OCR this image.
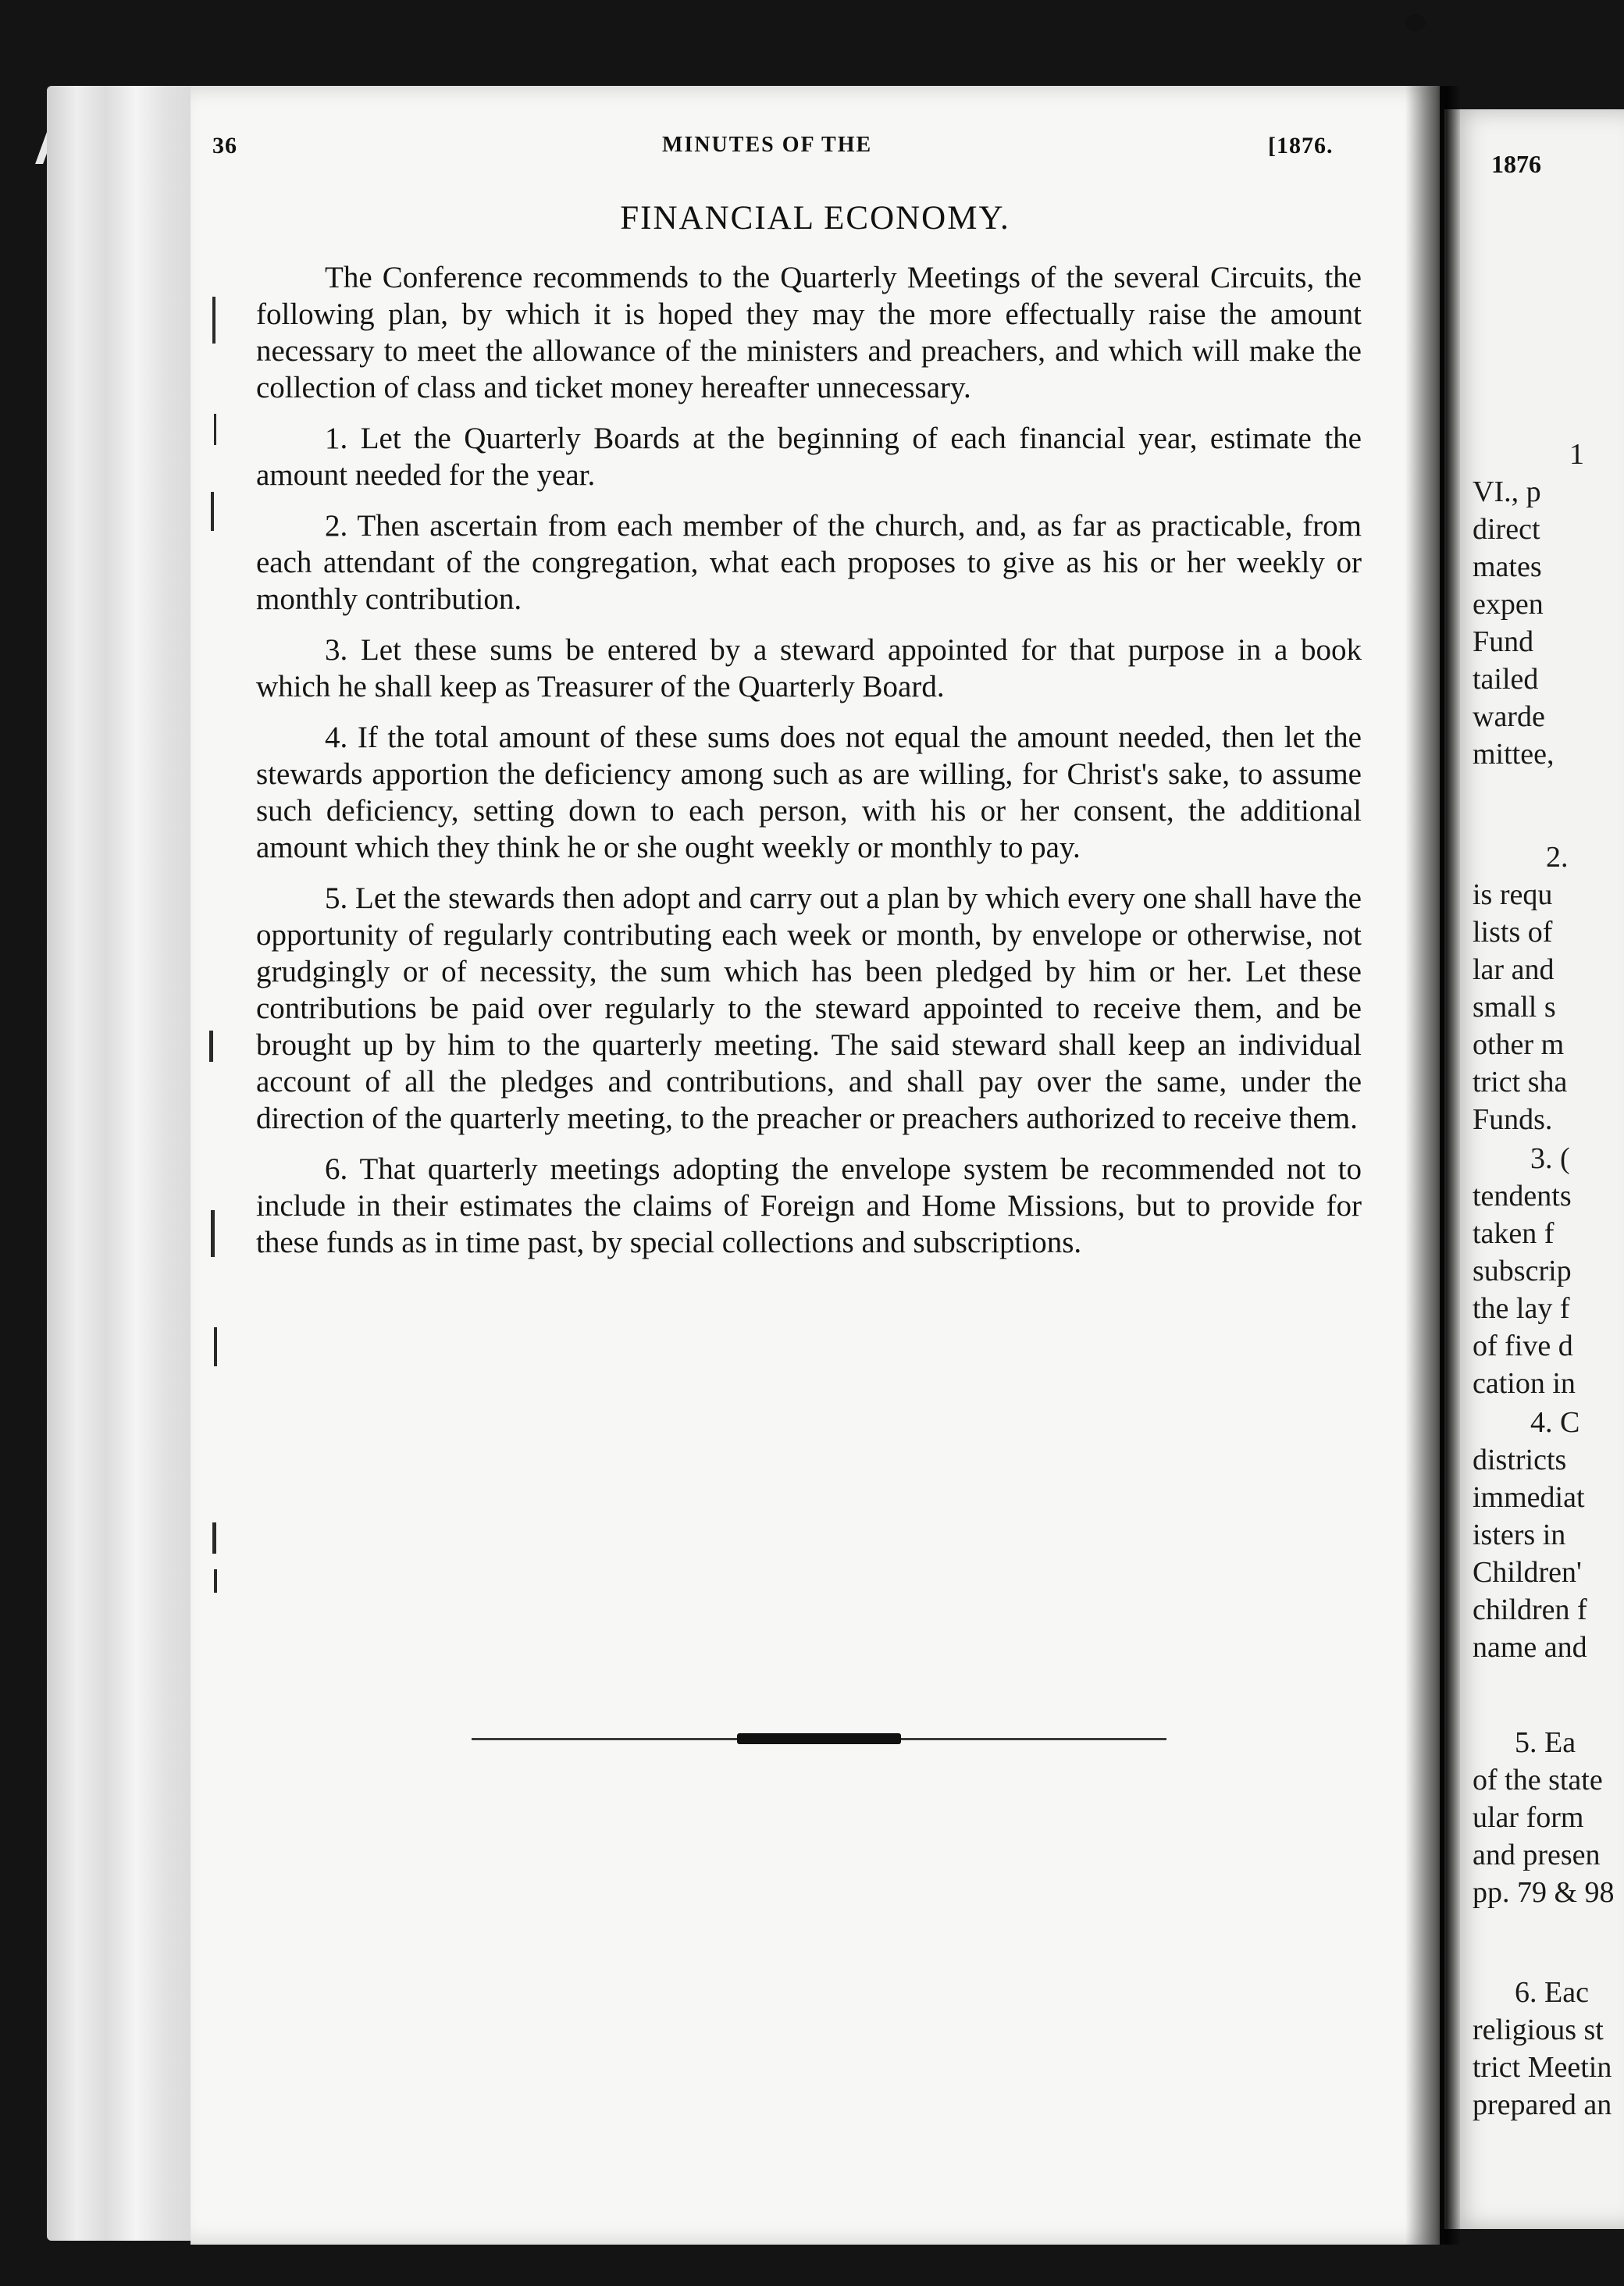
36	MINUTES OF THE	[1876.
FINANCIAL ECONOMY.

The Conference recommends to the Quarterly Meetings of the several Circuits, the following plan, by which it is hoped they may the more effectually raise the amount necessary to meet the allowance of the ministers and preachers, and which will make the collection of class and ticket money hereafter unnecessary.

1. Let the Quarterly Boards at the beginning of each financial year, estimate the amount needed for the year.

2. Then ascertain from each member of the church, and, as far as practicable, from each attendant of the congregation, what each proposes to give as his or her weekly or monthly contribution.

3. Let these sums be entered by a steward appointed for that purpose in a book which he shall keep as Treasurer of the Quarterly Board.

4. If the total amount of these sums does not equal the amount needed, then let the stewards apportion the deficiency among such as are willing, for Christ's sake, to assume such deficiency, setting down to each person, with his or her consent, the additional amount which they think he or she ought weekly or monthly to pay.

5. Let the stewards then adopt and carry out a plan by which every one shall have the opportunity of regularly contributing each week or month, by envelope or otherwise, not grudgingly or of necessity, the sum which has been pledged by him or her. Let these contributions be paid over regularly to the steward appointed to receive them, and be brought up by him to the quarterly meeting. The said steward shall keep an individual account of all the pledges and contributions, and shall pay over the same, under the direction of the quarterly meeting, to the preacher or preachers authorized to receive them.

6. That quarterly meetings adopting the envelope system be recommended not to include in their estimates the claims of Foreign and Home Missions, but to provide for these funds as in time past, by special collections and subscriptions.

1876
1
VI., p
direct
mates
expen
Fund
tailed
warde
mittee,
2.
is requ
lists of
lar and
small s
other m
trict sha
Funds.
3. (
tendents
taken f
subscrip
the lay f
of five d
cation in
4. C
districts
immediat
isters in
Children'
children f
name and
5. Ea
of the state
ular form
and presen
pp. 79 & 98
6. Eac
religious st
trict Meetin
prepared an
